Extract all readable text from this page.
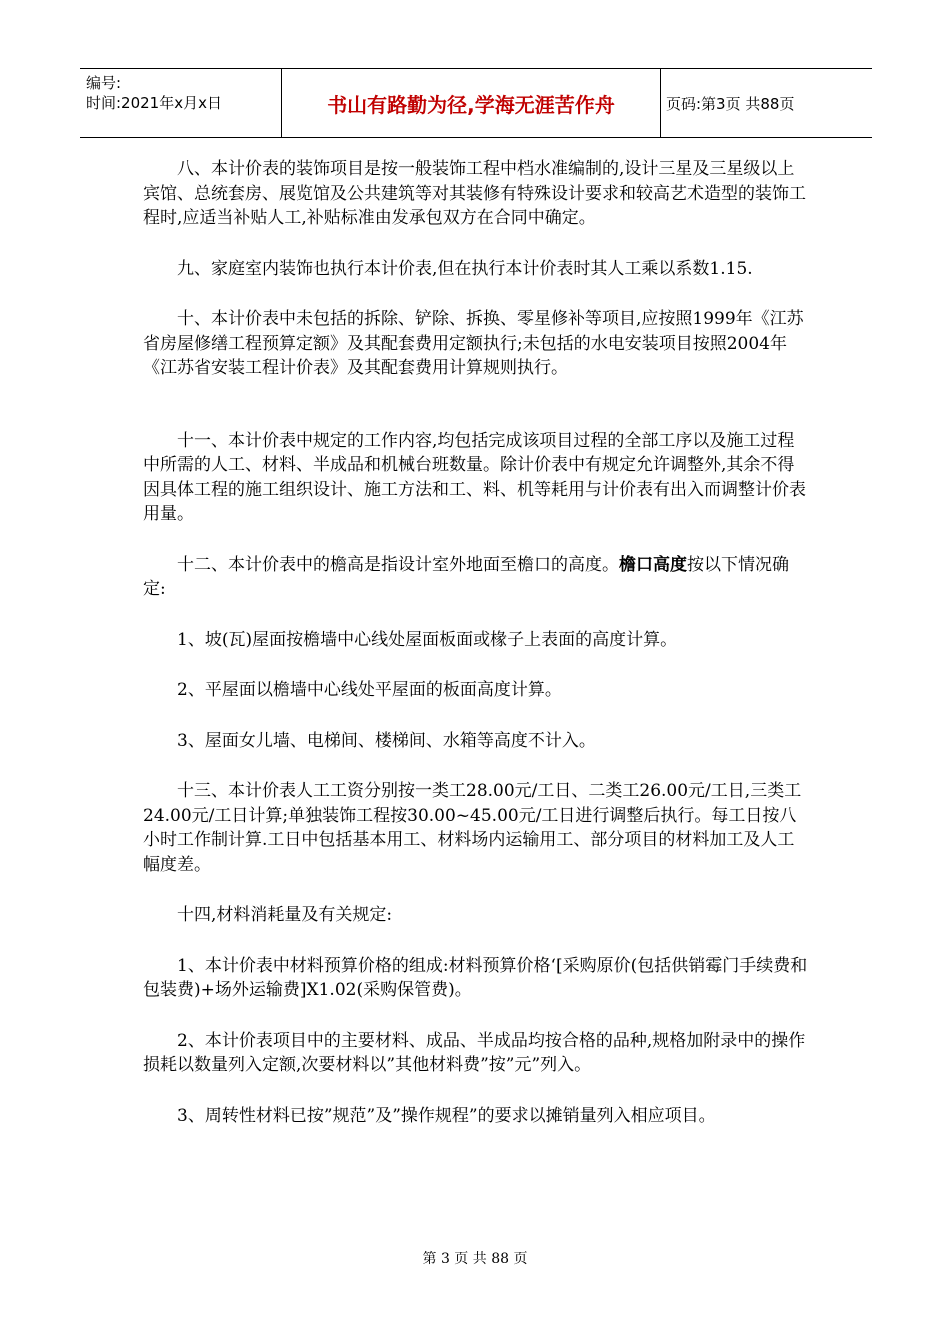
编号:
时间:2021年x月x日	书山有路勤为径,学海无涯苦作舟	页码:第3页 共88页

八、本计价表的装饰项目是按一般装饰工程中档水准编制的,设计三星及三星级以上宾馆、总统套房、展览馆及公共建筑等对其装修有特殊设计要求和较高艺术造型的装饰工程时,应适当补贴人工,补贴标准由发承包双方在合同中确定。

九、家庭室内装饰也执行本计价表,但在执行本计价表时其人工乘以系数1.15.

十、本计价表中未包括的拆除、铲除、拆换、零星修补等项目,应按照1999年《江苏省房屋修缮工程预算定额》及其配套费用定额执行;未包括的水电安装项目按照2004年《江苏省安装工程计价表》及其配套费用计算规则执行。

十一、本计价表中规定的工作内容,均包括完成该项目过程的全部工序以及施工过程中所需的人工、材料、半成品和机械台班数量。除计价表中有规定允许调整外,其余不得因具体工程的施工组织设计、施工方法和工、料、机等耗用与计价表有出入而调整计价表用量。

十二、本计价表中的檐高是指设计室外地面至檐口的高度。檐口高度按以下情况确定:

1、坡(瓦)屋面按檐墙中心线处屋面板面或椽子上表面的高度计算。

2、平屋面以檐墙中心线处平屋面的板面高度计算。

3、屋面女儿墙、电梯间、楼梯间、水箱等高度不计入。

十三、本计价表人工工资分别按一类工28.00元/工日、二类工26.00元/工日,三类工24.00元/工日计算;单独装饰工程按30.00~45.00元/工日进行调整后执行。每工日按八小时工作制计算.工日中包括基本用工、材料场内运输用工、部分项目的材料加工及人工幅度差。

十四,材料消耗量及有关规定:

1、本计价表中材料预算价格的组成:材料预算价格‘[采购原价(包括供销霉门手续费和包装费)+场外运输费]X1.02(采购保管费)。

2、本计价表项目中的主要材料、成品、半成品均按合格的品种,规格加附录中的操作损耗以数量列入定额,次要材料以”其他材料费”按”元”列入。

3、周转性材料已按”规范”及”操作规程”的要求以摊销量列入相应项目。

第 3 页 共 88 页
